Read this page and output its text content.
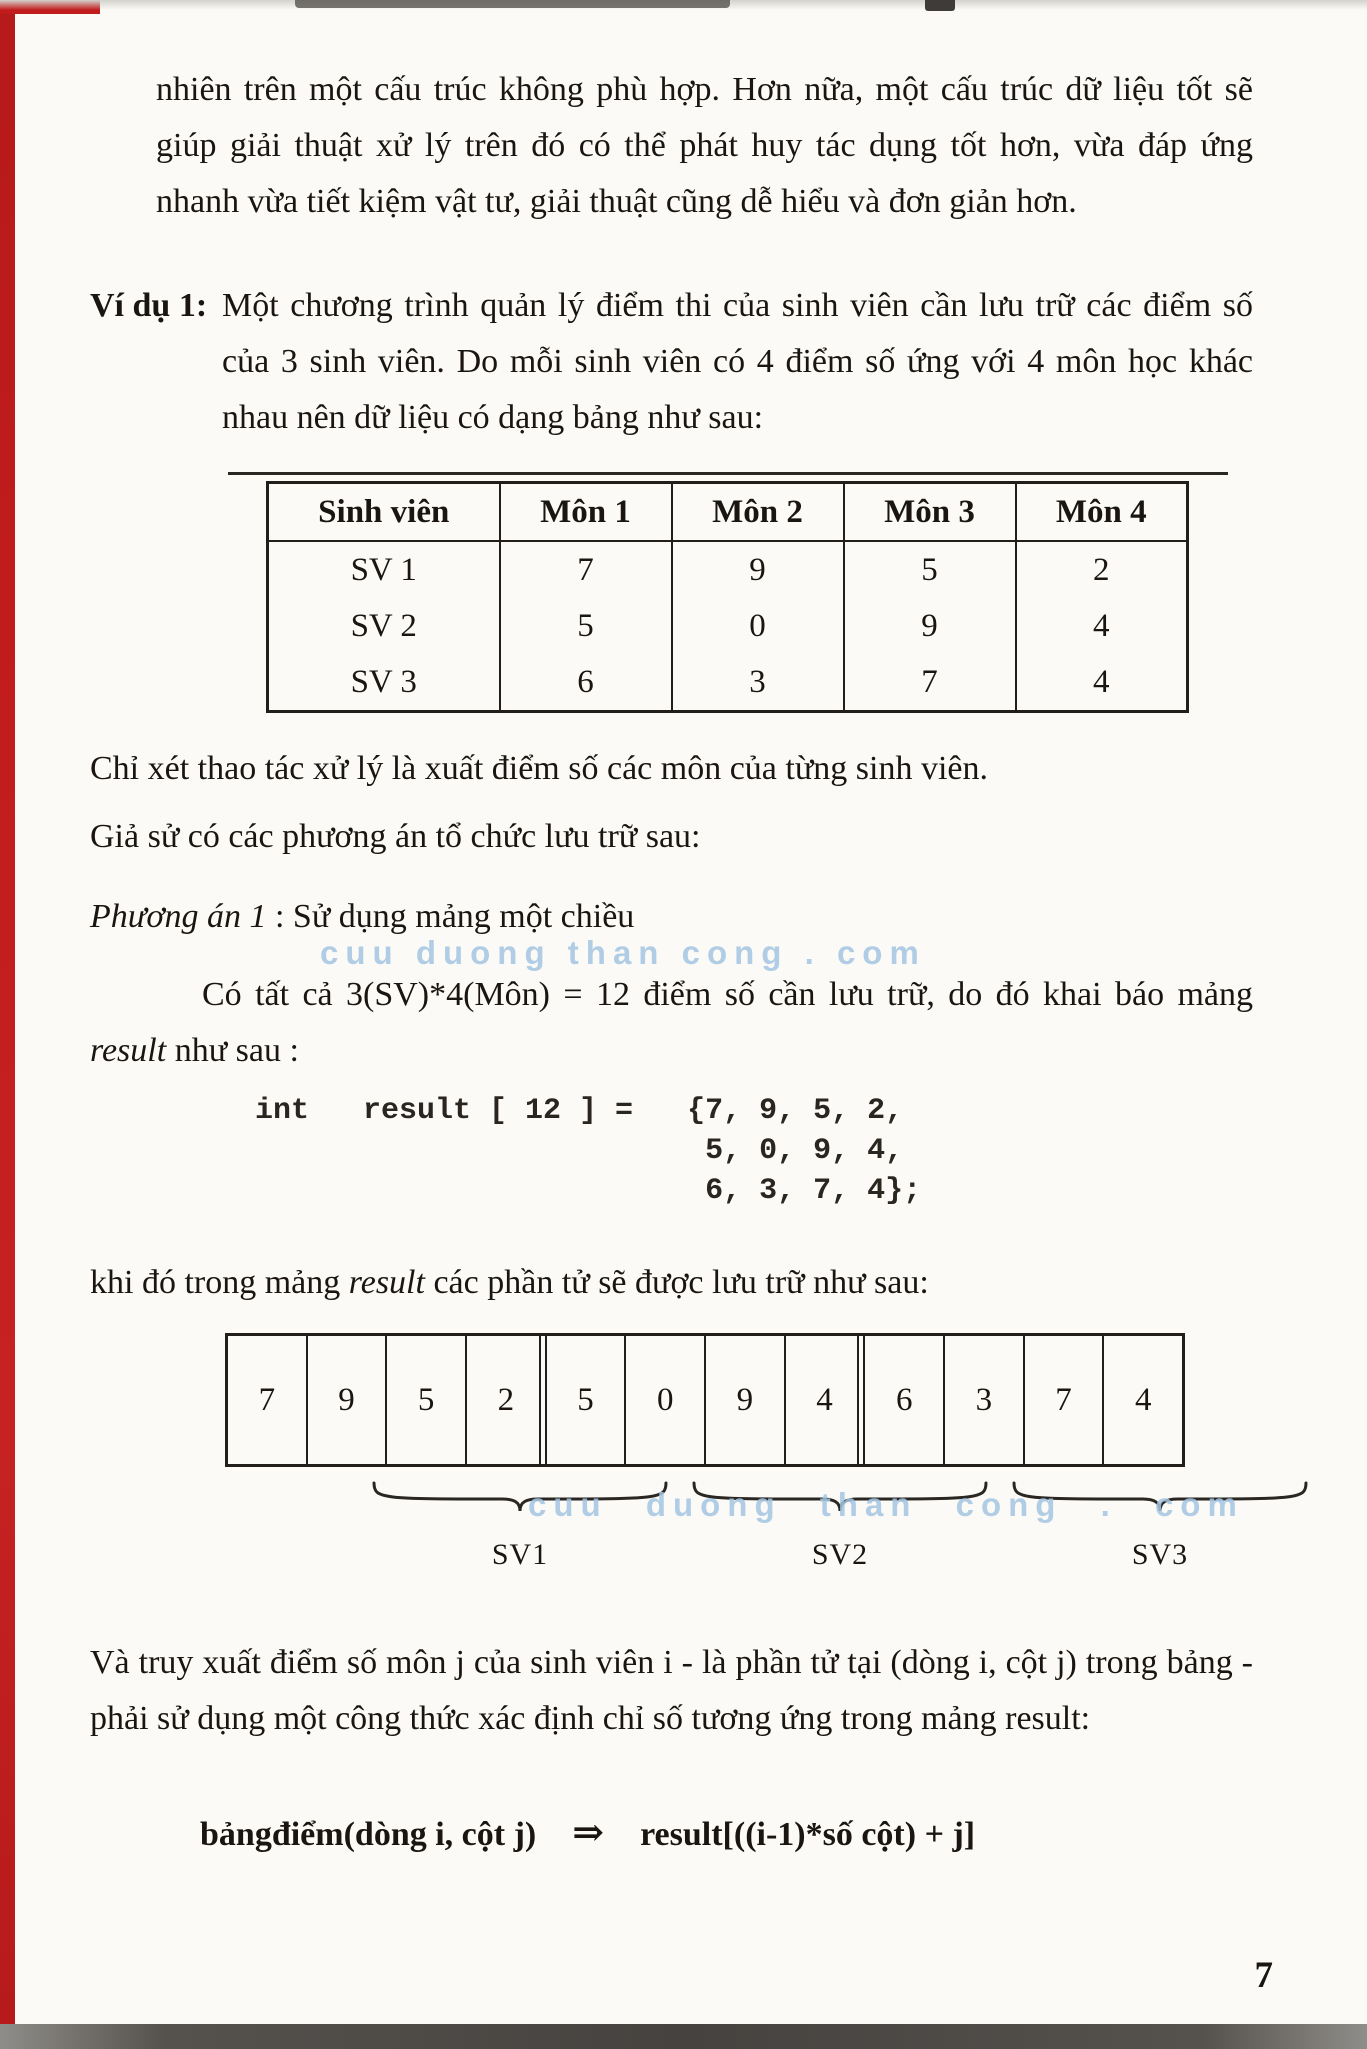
nhiên trên một cấu trúc không phù hợp. Hơn nữa, một cấu trúc dữ liệu tốt sẽ giúp giải thuật xử lý trên đó có thể phát huy tác dụng tốt hơn, vừa đáp ứng nhanh vừa tiết kiệm vật tư, giải thuật cũng dễ hiểu và đơn giản hơn.

Ví dụ 1: Một chương trình quản lý điểm thi của sinh viên cần lưu trữ các điểm số của 3 sinh viên. Do mỗi sinh viên có 4 điểm số ứng với 4 môn học khác nhau nên dữ liệu có dạng bảng như sau:
Sinh viên	Môn 1	Môn 2	Môn 3	Môn 4
SV 1	7	9	5	2
SV 2	5	0	9	4
SV 3	6	3	7	4

Chỉ xét thao tác xử lý là xuất điểm số các môn của từng sinh viên.

Giả sử có các phương án tổ chức lưu trữ sau:

Phương án 1 : Sử dụng mảng một chiều

cuu duong than cong . com
Có tất cả 3(SV)*4(Môn) = 12 điểm số cần lưu trữ, do đó khai báo mảng result như sau :

int   result [ 12 ] =   {7, 9, 5, 2,
5, 0, 9, 4,
6, 3, 7, 4};

khi đó trong mảng result các phần tử sẽ được lưu trữ như sau:

7	9	5	2	5	0	9	4	6	3	7	4
cuu duong than cong . com
SV1	SV2	SV3

Và truy xuất điểm số môn j của sinh viên i - là phần tử tại (dòng i, cột j) trong bảng - phải sử dụng một công thức xác định chỉ số tương ứng trong mảng result:

bảngđiểm(dòng i, cột j) ⇒ result[((i-1)*số cột) + j]

7
